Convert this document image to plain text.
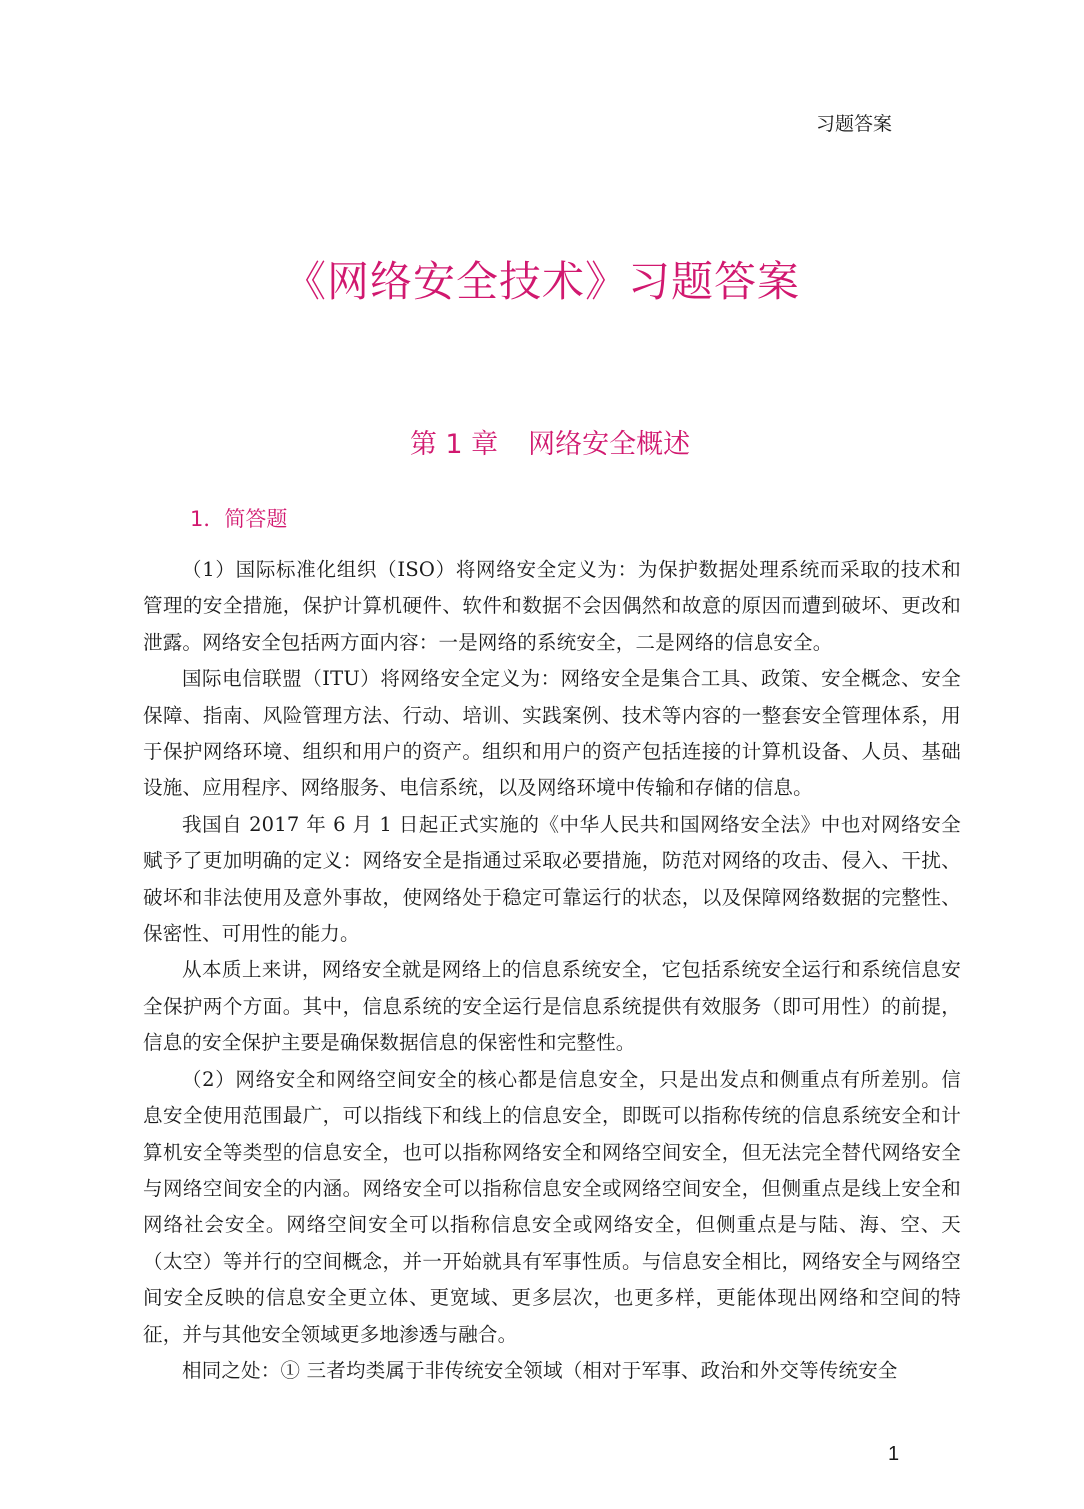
习题答案
《网络安全技术》习题答案
第 1 章 网络安全概述
1．简答题

（1）国际标准化组织（ISO）将网络安全定义为：为保护数据处理系统而采取的技术和管理的安全措施，保护计算机硬件、软件和数据不会因偶然和故意的原因而遭到破坏、更改和泄露。网络安全包括两方面内容：一是网络的系统安全，二是网络的信息安全。

国际电信联盟（ITU）将网络安全定义为：网络安全是集合工具、政策、安全概念、安全保障、指南、风险管理方法、行动、培训、实践案例、技术等内容的一整套安全管理体系，用于保护网络环境、组织和用户的资产。组织和用户的资产包括连接的计算机设备、人员、基础设施、应用程序、网络服务、电信系统，以及网络环境中传输和存储的信息。

我国自 2017 年 6 月 1 日起正式实施的《中华人民共和国网络安全法》中也对网络安全赋予了更加明确的定义：网络安全是指通过采取必要措施，防范对网络的攻击、侵入、干扰、破坏和非法使用及意外事故，使网络处于稳定可靠运行的状态，以及保障网络数据的完整性、保密性、可用性的能力。

从本质上来讲，网络安全就是网络上的信息系统安全，它包括系统安全运行和系统信息安全保护两个方面。其中，信息系统的安全运行是信息系统提供有效服务（即可用性）的前提，信息的安全保护主要是确保数据信息的保密性和完整性。

（2）网络安全和网络空间安全的核心都是信息安全，只是出发点和侧重点有所差别。信息安全使用范围最广，可以指线下和线上的信息安全，即既可以指称传统的信息系统安全和计算机安全等类型的信息安全，也可以指称网络安全和网络空间安全，但无法完全替代网络安全与网络空间安全的内涵。网络安全可以指称信息安全或网络空间安全，但侧重点是线上安全和网络社会安全。网络空间安全可以指称信息安全或网络安全，但侧重点是与陆、海、空、天（太空）等并行的空间概念，并一开始就具有军事性质。与信息安全相比，网络安全与网络空间安全反映的信息安全更立体、更宽域、更多层次，也更多样，更能体现出网络和空间的特征，并与其他安全领域更多地渗透与融合。

相同之处：① 三者均类属于非传统安全领域（相对于军事、政治和外交等传统安全

1
